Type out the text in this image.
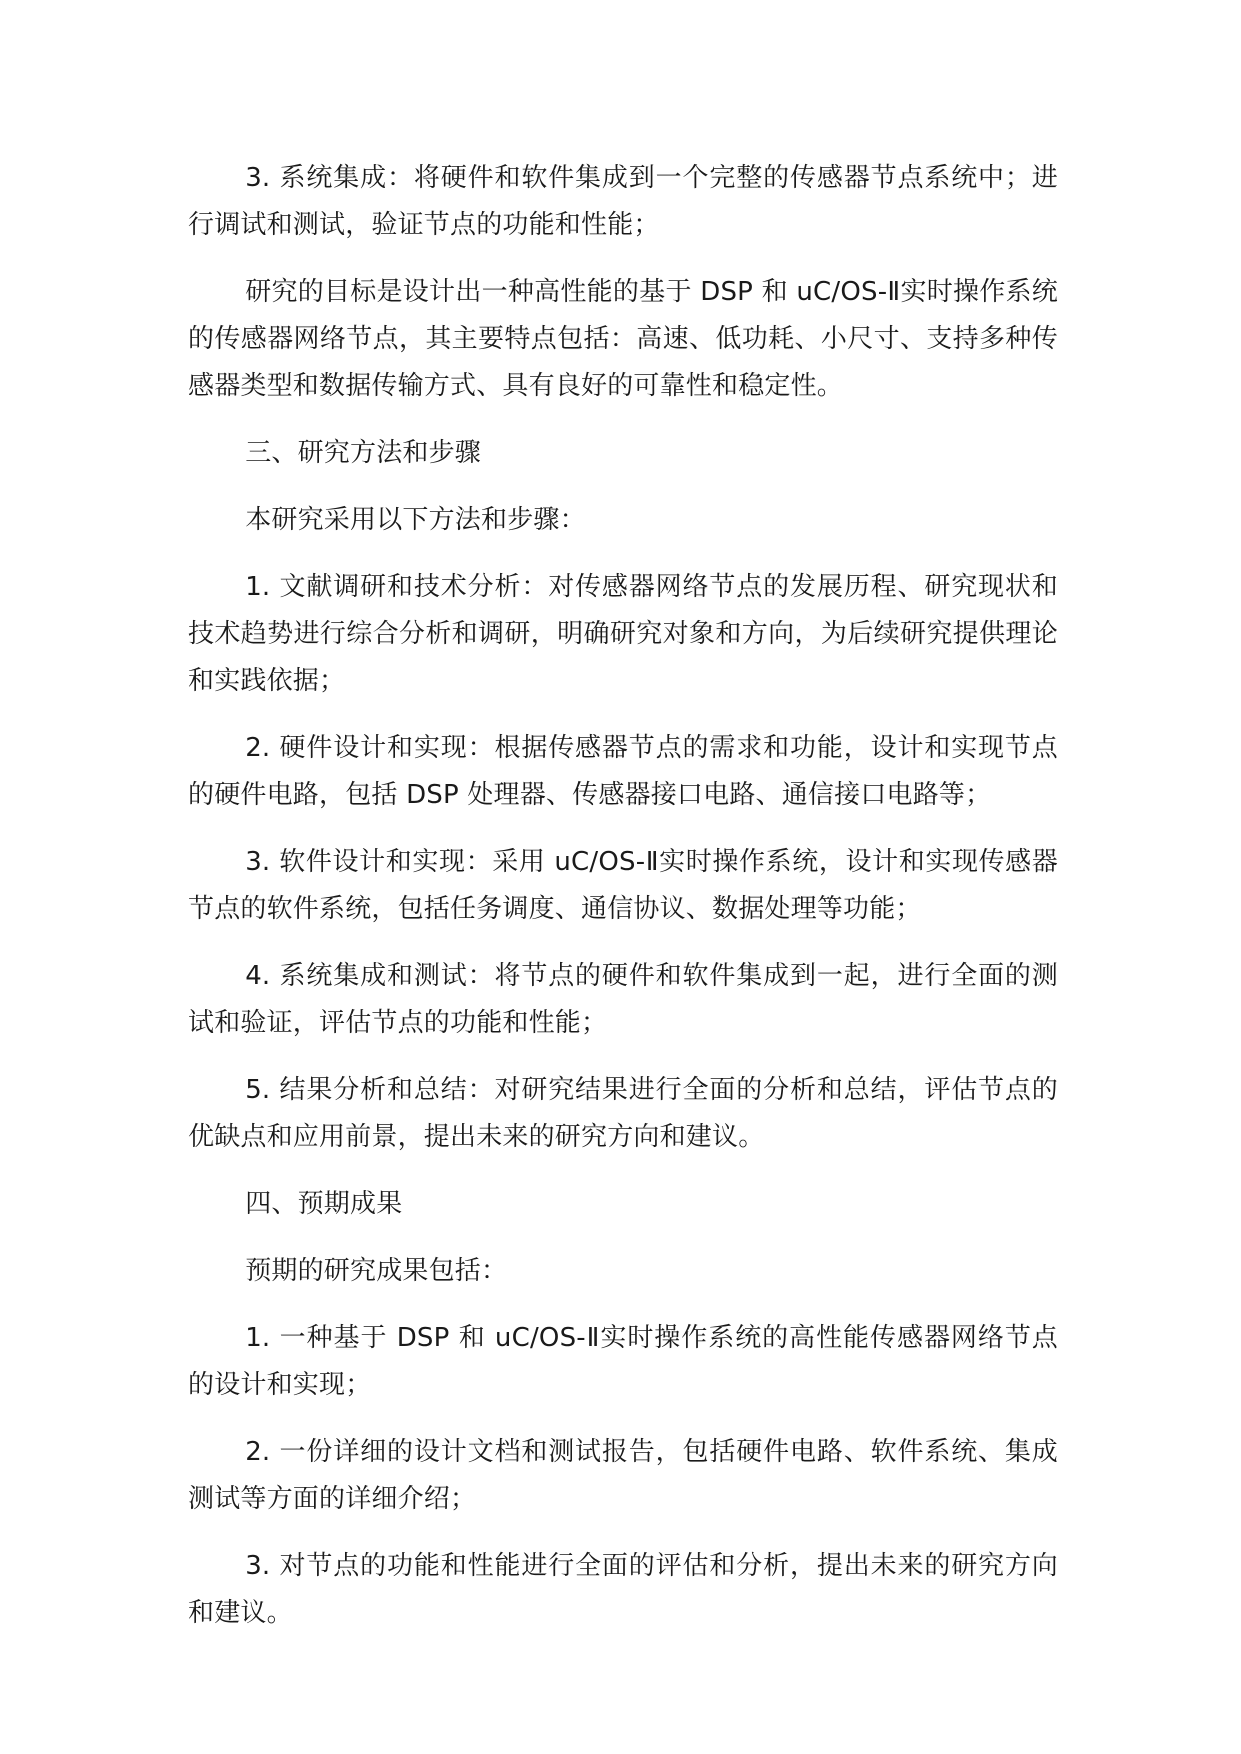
3. 系统集成：将硬件和软件集成到一个完整的传感器节点系统中；进行调试和测试，验证节点的功能和性能；

研究的目标是设计出一种高性能的基于 DSP 和 uC/OS-Ⅱ实时操作系统的传感器网络节点，其主要特点包括：高速、低功耗、小尺寸、支持多种传感器类型和数据传输方式、具有良好的可靠性和稳定性。

三、研究方法和步骤

本研究采用以下方法和步骤：

1. 文献调研和技术分析：对传感器网络节点的发展历程、研究现状和技术趋势进行综合分析和调研，明确研究对象和方向，为后续研究提供理论和实践依据；

2. 硬件设计和实现：根据传感器节点的需求和功能，设计和实现节点的硬件电路，包括 DSP 处理器、传感器接口电路、通信接口电路等；

3. 软件设计和实现：采用 uC/OS-Ⅱ实时操作系统，设计和实现传感器节点的软件系统，包括任务调度、通信协议、数据处理等功能；

4. 系统集成和测试：将节点的硬件和软件集成到一起，进行全面的测试和验证，评估节点的功能和性能；

5. 结果分析和总结：对研究结果进行全面的分析和总结，评估节点的优缺点和应用前景，提出未来的研究方向和建议。

四、预期成果

预期的研究成果包括：

1. 一种基于 DSP 和 uC/OS-Ⅱ实时操作系统的高性能传感器网络节点的设计和实现；

2. 一份详细的设计文档和测试报告，包括硬件电路、软件系统、集成测试等方面的详细介绍；

3. 对节点的功能和性能进行全面的评估和分析，提出未来的研究方向和建议。
